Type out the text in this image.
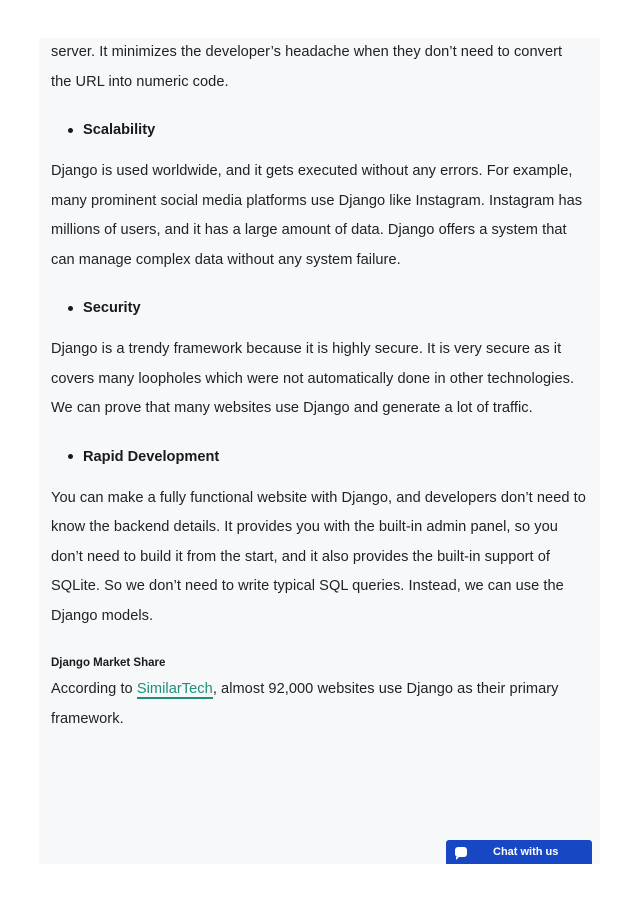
server. It minimizes the developer’s headache when they don’t need to convert the URL into numeric code.

Scalability

Django is used worldwide, and it gets executed without any errors. For example, many prominent social media platforms use Django like Instagram. Instagram has millions of users, and it has a large amount of data. Django offers a system that can manage complex data without any system failure.

Security

Django is a trendy framework because it is highly secure. It is very secure as it covers many loopholes which were not automatically done in other technologies. We can prove that many websites use Django and generate a lot of traffic.

Rapid Development

You can make a fully functional website with Django, and developers don’t need to know the backend details. It provides you with the built-in admin panel, so you don’t need to build it from the start, and it also provides the built-in support of SQLite. So we don’t need to write typical SQL queries. Instead, we can use the Django models.

Django Market Share

According to SimilarTech, almost 92,000 websites use Django as their primary framework.

Chat with us
